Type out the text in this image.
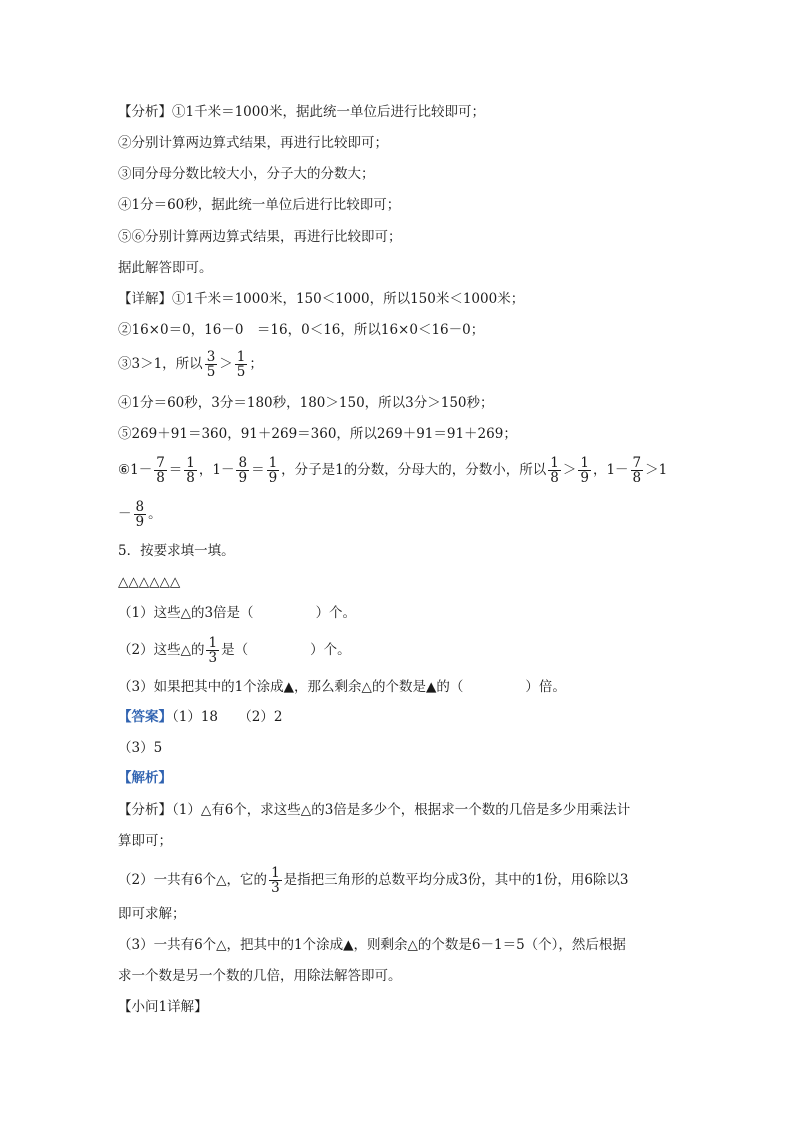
【分析】①1千米＝1000米，据此统一单位后进行比较即可；
②分别计算两边算式结果，再进行比较即可；
③同分母分数比较大小，分子大的分数大；
④1分＝60秒，据此统一单位后进行比较即可；
⑤⑥分别计算两边算式结果，再进行比较即可；
据此解答即可。
【详解】①1千米＝1000米，150＜1000，所以150米＜1000米；
②16×0＝0，16－0　＝16，0＜16，所以16×0＜16－0；
③3＞1，所以 $\frac{3}{5} > \frac{1}{5}$ ；
④1分＝60秒，3分＝180秒，180＞150，所以3分＞150秒；
⑤269＋91＝360，91＋269＝360，所以269＋91＝91＋269；
⑥1－ $\frac{7}{8} = \frac{1}{8}$ ，$1- \frac{8}{9} = \frac{1}{9}$ ，分子是1的分数，分母大的，分数小，所以 $\frac{1}{8} > \frac{1}{9}$ ，$1- \frac{7}{8} >1$
－ $\frac{8}{9}$ 。
5．按要求填一填。
△△△△△△
（1）这些△的3倍是（	）个。
（2）这些△的 $\frac{1}{3}$ 是（	）个。
（3）如果把其中的1个涂成▲，那么剩余△的个数是▲的（	）倍。
【答案】（1）18　　（2）2
（3）5
【解析】
【分析】（1）△有6个，求这些△的3倍是多少个，根据求一个数的几倍是多少用乘法计
算即可；
（2）一共有6个△，它的 $\frac{1}{3}$ 是指把三角形的总数平均分成3份，其中的1份，用6除以3
即可求解；
（3）一共有6个△，把其中的1个涂成▲，则剩余△的个数是6－1＝5（个），然后根据
求一个数是另一个数的几倍，用除法解答即可。
【小问1详解】
